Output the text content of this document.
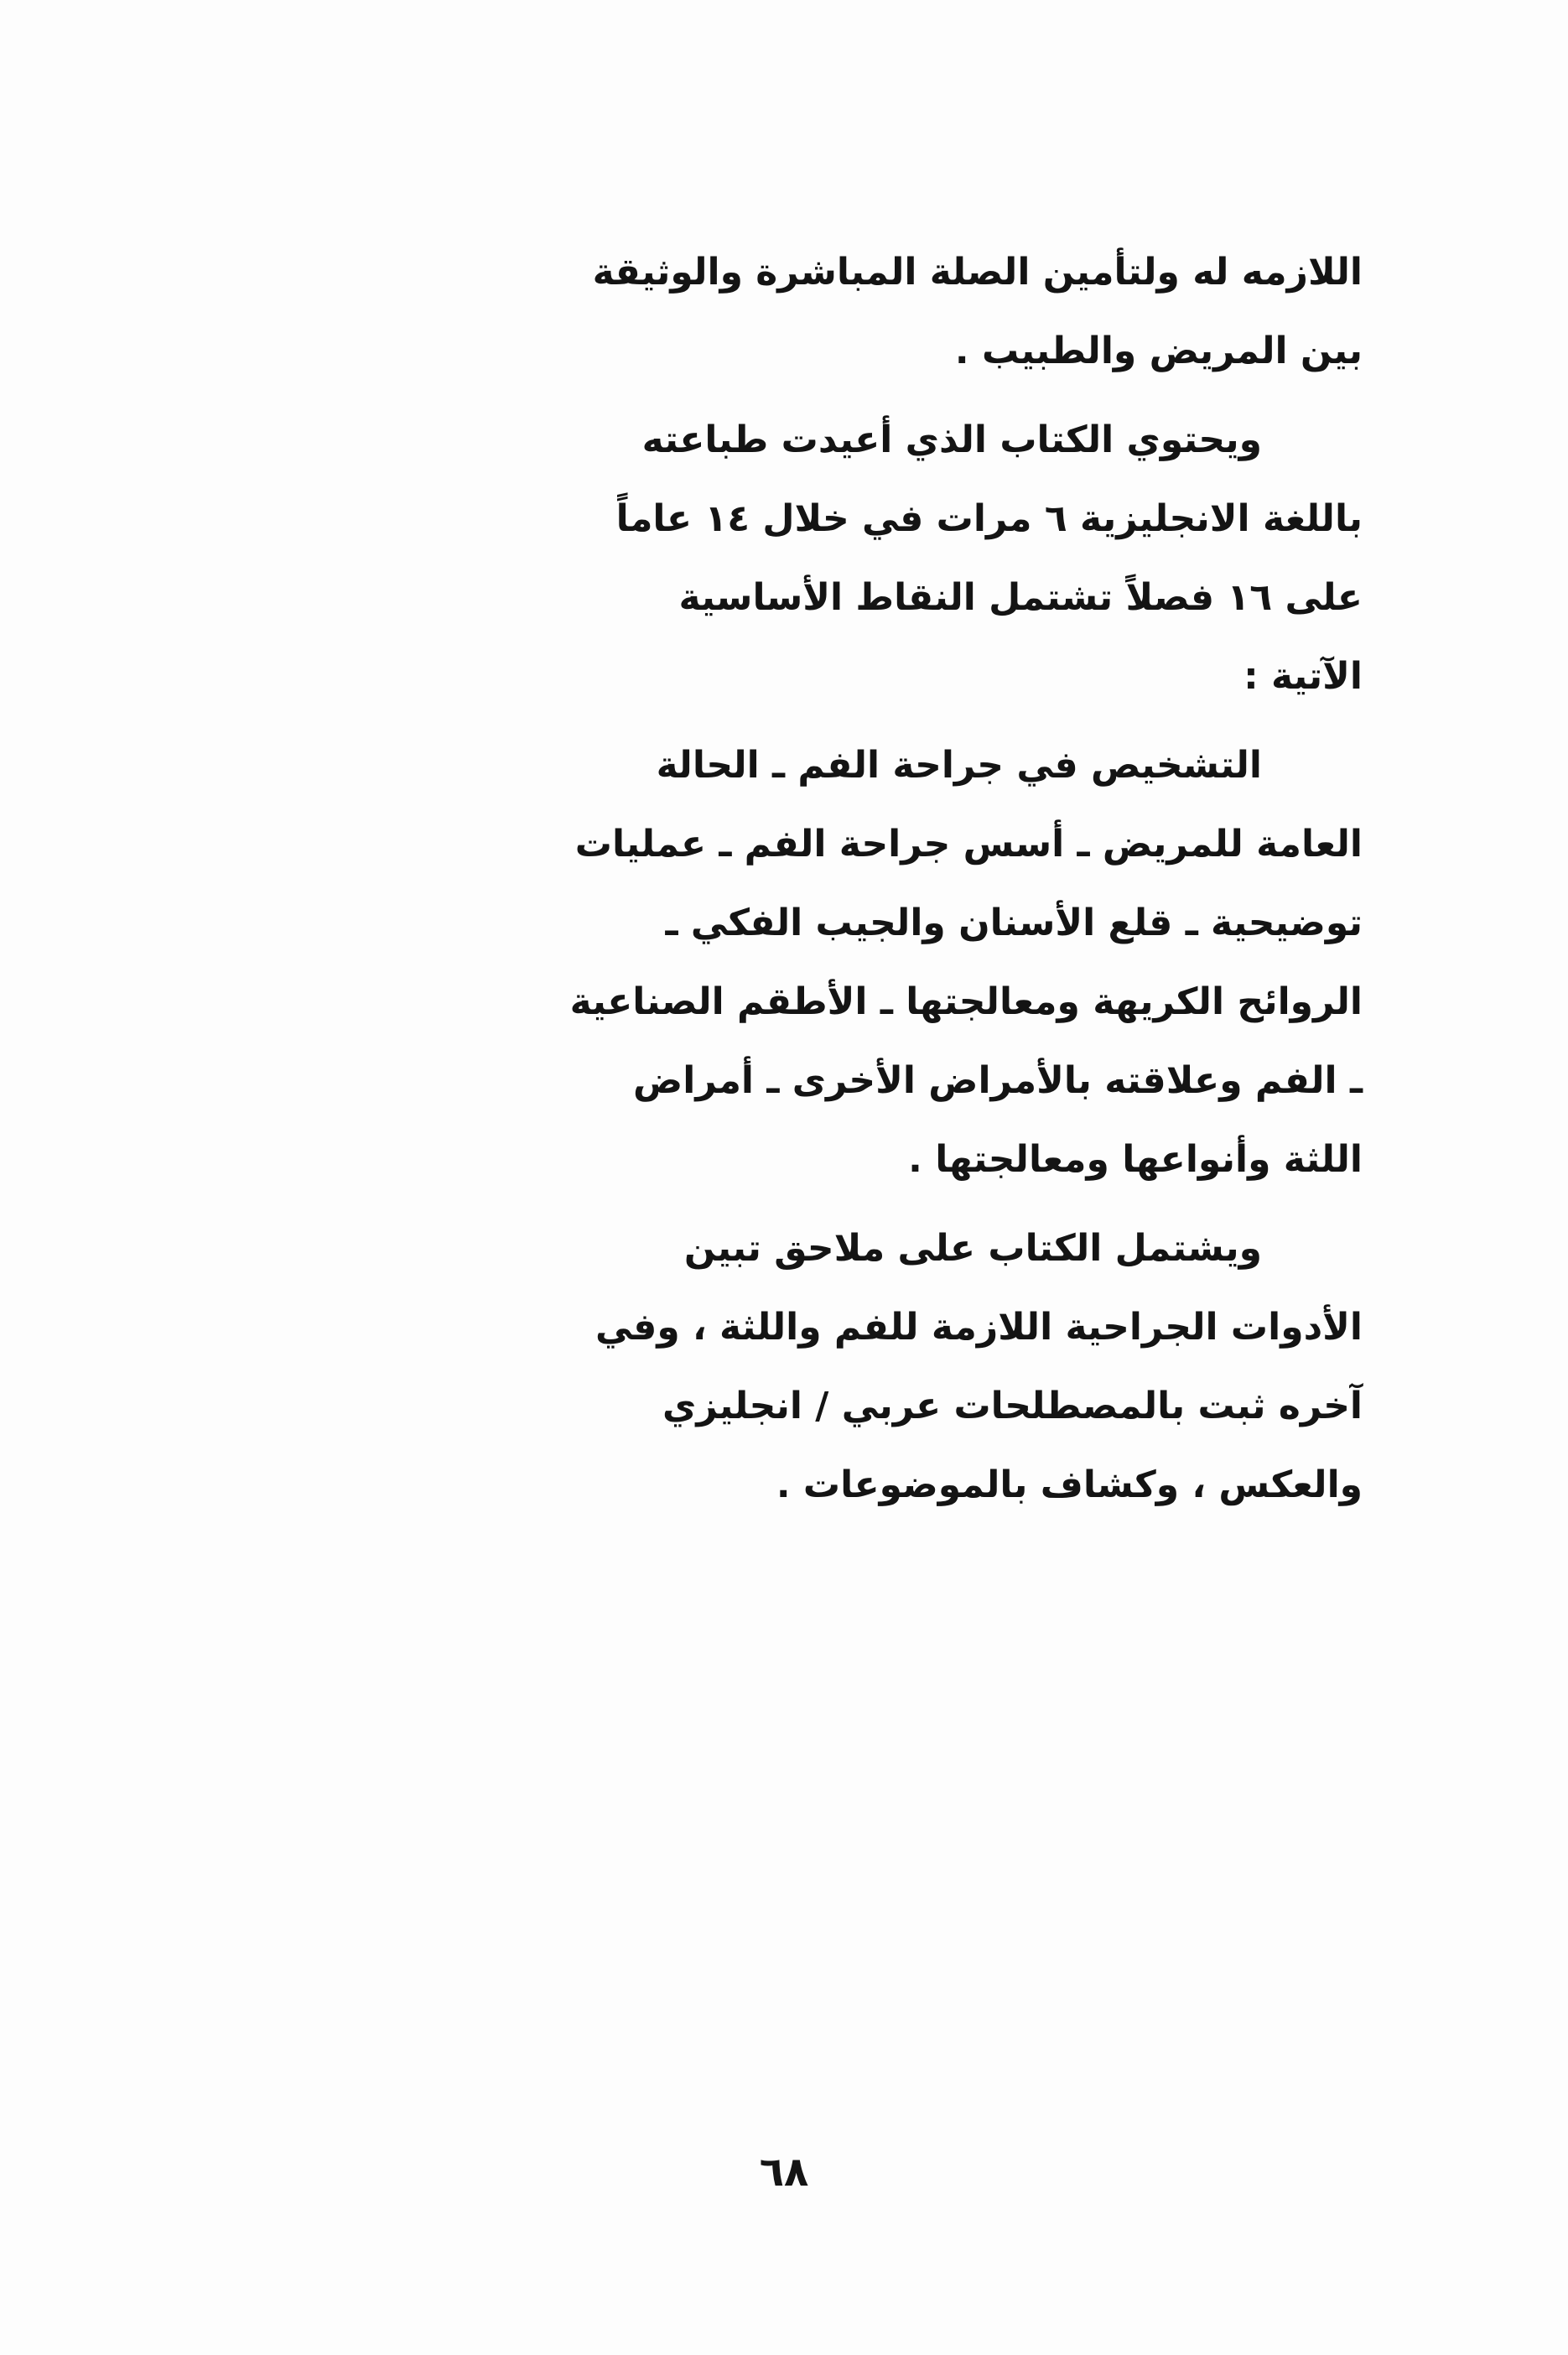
اللازمه له ولتأمين الصلة المباشرة والوثيقة
بين المريض والطبيب .
ويحتوي الكتاب الذي أعيدت طباعته
باللغة الانجليزية ٦ مرات في خلال ١٤ عاماً
على ١٦ فصلاً تشتمل النقاط الأساسية
الآتية :
التشخيص في جراحة الفم ـ الحالة
العامة للمريض ـ أسس جراحة الفم ـ عمليات
توضيحية ـ قلع الأسنان والجيب الفكي ـ
الروائح الكريهة ومعالجتها ـ الأطقم الصناعية
ـ الفم وعلاقته بالأمراض الأخرى ـ أمراض
اللثة وأنواعها ومعالجتها .
ويشتمل الكتاب على ملاحق تبين
الأدوات الجراحية اللازمة للفم واللثة ، وفي
آخره ثبت بالمصطلحات عربي / انجليزي
والعكس ، وكشاف بالموضوعات .
٦٨
